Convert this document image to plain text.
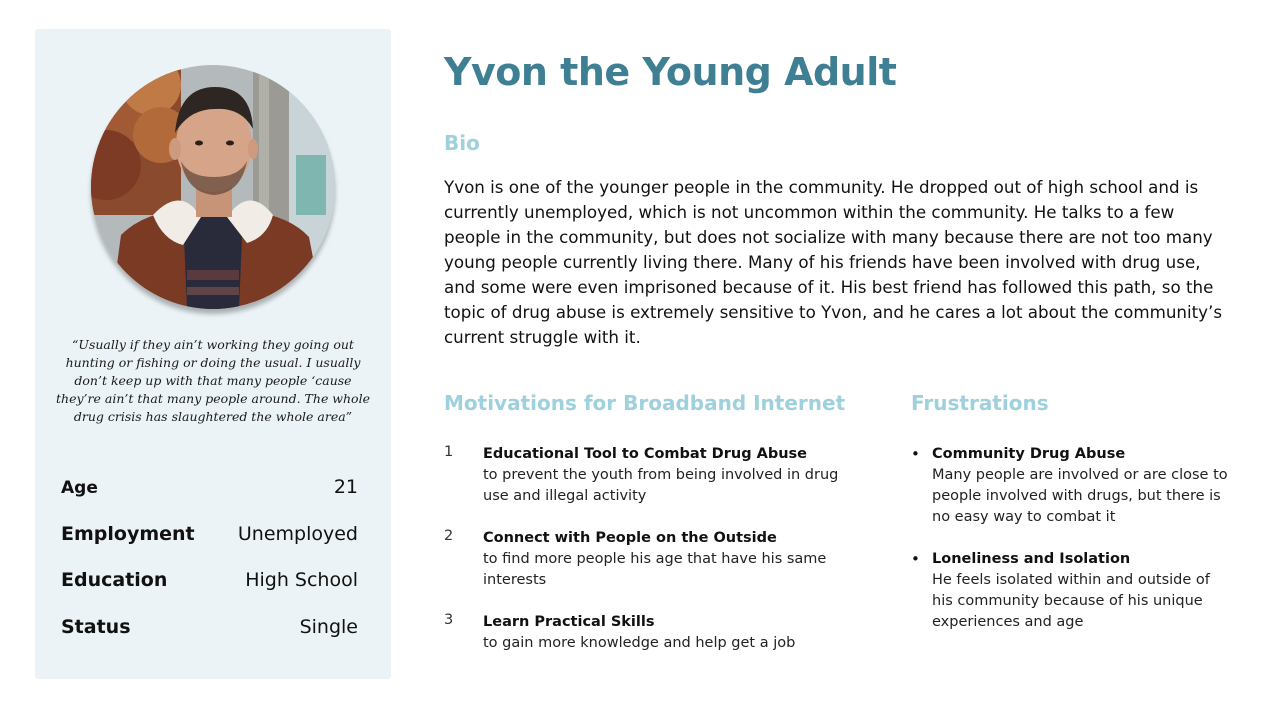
“Usually if they ain’t working they going out hunting or fishing or doing the usual. I usually don’t keep up with that many people ‘cause they’re ain’t that many people around. The whole drug crisis has slaughtered the whole area”

Age	21
Employment Unemployed
Education	High School
Status	Single
Yvon the Young Adult
Bio

Yvon is one of the younger people in the community. He dropped out of high school and is currently unemployed, which is not uncommon within the community. He talks to a few people in the community, but does not socialize with many because there are not too many young people currently living there. Many of his friends have been involved with drug use, and some were even imprisoned because of it. His best friend has followed this path, so the topic of drug abuse is extremely sensitive to Yvon, and he cares a lot about the community’s current struggle with it.

Motivations for Broadband Internet
1	Educational Tool to Combat Drug Abuse
to prevent the youth from being involved in drug use and illegal activity
2	Connect with People on the Outside
to find more people his age that have his same interests
3	Learn Practical Skills
to gain more knowledge and help get a job
Frustrations
• Community Drug Abuse
Many people are involved or are close to people involved with drugs, but there is no easy way to combat it
• Loneliness and Isolation
He feels isolated within and outside of his community because of his unique experiences and age
